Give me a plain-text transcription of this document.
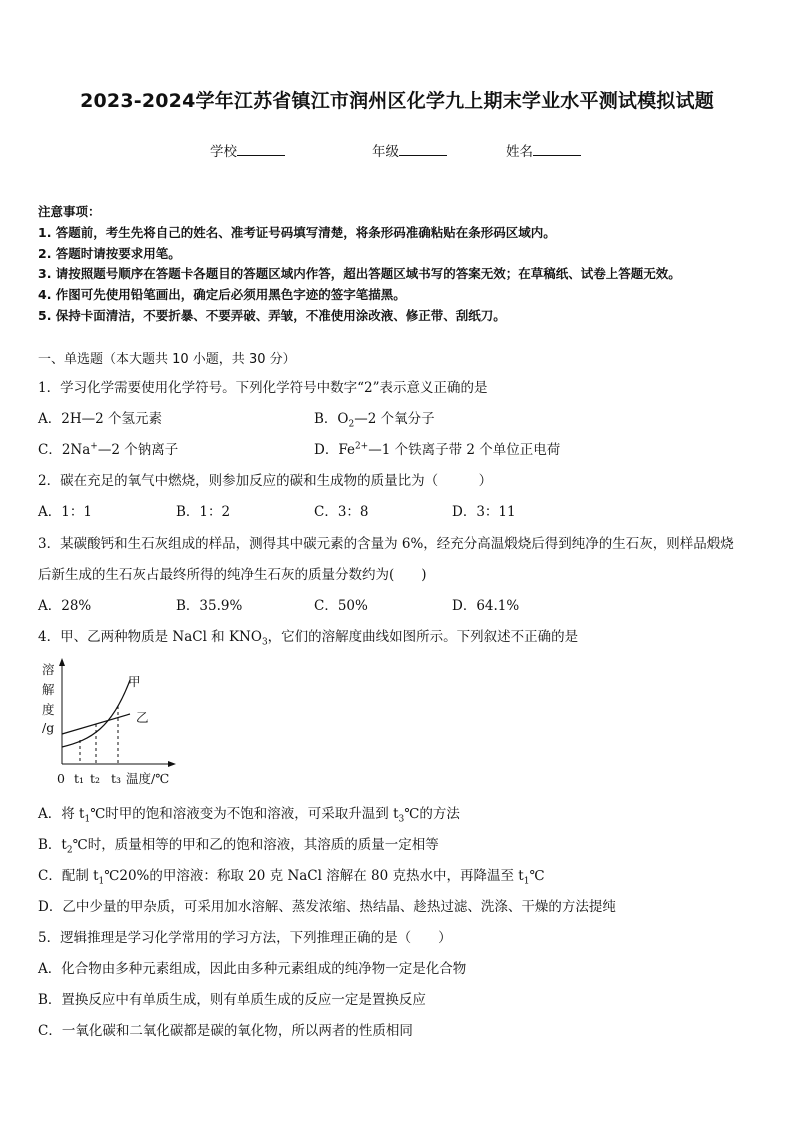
2023-2024学年江苏省镇江市润州区化学九上期末学业水平测试模拟试题
学校	年级	姓名
注意事项：
1. 答题前，考生先将自己的姓名、准考证号码填写清楚，将条形码准确粘贴在条形码区域内。
2. 答题时请按要求用笔。
3. 请按照题号顺序在答题卡各题目的答题区域内作答，超出答题区域书写的答案无效；在草稿纸、试卷上答题无效。
4. 作图可先使用铅笔画出，确定后必须用黑色字迹的签字笔描黑。
5. 保持卡面清洁，不要折暴、不要弄破、弄皱，不准使用涂改液、修正带、刮纸刀。
一、单选题（本大题共 10 小题，共 30 分）
1．学习化学需要使用化学符号。下列化学符号中数字“2”表示意义正确的是
A．2H—2 个氢元素	B．$O_2—2$ 个氧分子
C．2Na+—2 个钠离子	D．$Fe^{2+}—1$ 个铁离子带 2 个单位正电荷
2．碳在充足的氧气中燃烧，则参加反应的碳和生成物的质量比为（　　　）
A．1：1	B．1：2	C．3：8	D．3：11
3．某碳酸钙和生石灰组成的样品，测得其中碳元素的含量为 6%，经充分高温煅烧后得到纯净的生石灰，则样品煅烧
后新生成的生石灰占最终所得的纯净生石灰的质量分数约为(　　)
A．28%	B．35.9%	C．50%	D．64.1%
4．甲、乙两种物质是 NaCl 和 $KNO_3$，它们的溶解度曲线如图所示。下列叙述不正确的是
溶
解
度
/g
甲
乙
0 t₁ t₂ t₃ 温度/℃
A．将 $t_1℃$时甲的饱和溶液变为不饱和溶液，可采取升温到 $t_3℃$的方法
B．$t_2℃$时，质量相等的甲和乙的饱和溶液，其溶质的质量一定相等
C．配制 $t_1℃20\%$的甲溶液：称取 20 克 NaCl 溶解在 80 克热水中，再降温至 $t_1℃$
D．乙中少量的甲杂质，可采用加水溶解、蒸发浓缩、热结晶、趁热过滤、洗涤、干燥的方法提纯
5．逻辑推理是学习化学常用的学习方法，下列推理正确的是（　　）
A．化合物由多种元素组成，因此由多种元素组成的纯净物一定是化合物
B．置换反应中有单质生成，则有单质生成的反应一定是置换反应
C．一氧化碳和二氧化碳都是碳的氧化物，所以两者的性质相同
